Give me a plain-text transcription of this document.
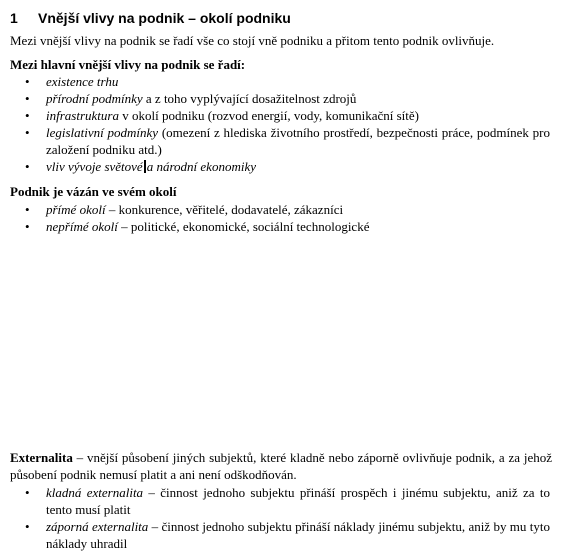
1 Vnější vlivy na podnik – okolí podniku
Mezi vnější vlivy na podnik se řadí vše co stojí vně podniku a přitom tento podnik ovlivňuje.
Mezi hlavní vnější vlivy na podnik se řadí:
• existence trhu
• přírodní podmínky a z toho vyplývající dosažitelnost zdrojů
• infrastruktura v okolí podniku (rozvod energií, vody, komunikační sítě)
• legislativní podmínky (omezení z hlediska životního prostředí, bezpečnosti práce, podmínek pro založení podniku atd.)
• vliv vývoje světové a národní ekonomiky
Podnik je vázán ve svém okolí
• přímé okolí – konkurence, věřitelé, dodavatelé, zákazníci
• nepřímé okolí – politické, ekonomické, sociální technologické
Externalita – vnější působení jiných subjektů, které kladně nebo záporně ovlivňuje podnik, a za jehož působení podnik nemusí platit a ani není odškodňován.
• kladná externalita – činnost jednoho subjektu přináší prospěch i jinému subjektu, aniž za to tento musí platit
• záporná externalita – činnost jednoho subjektu přináší náklady jinému subjektu, aniž by mu tyto náklady uhradil
